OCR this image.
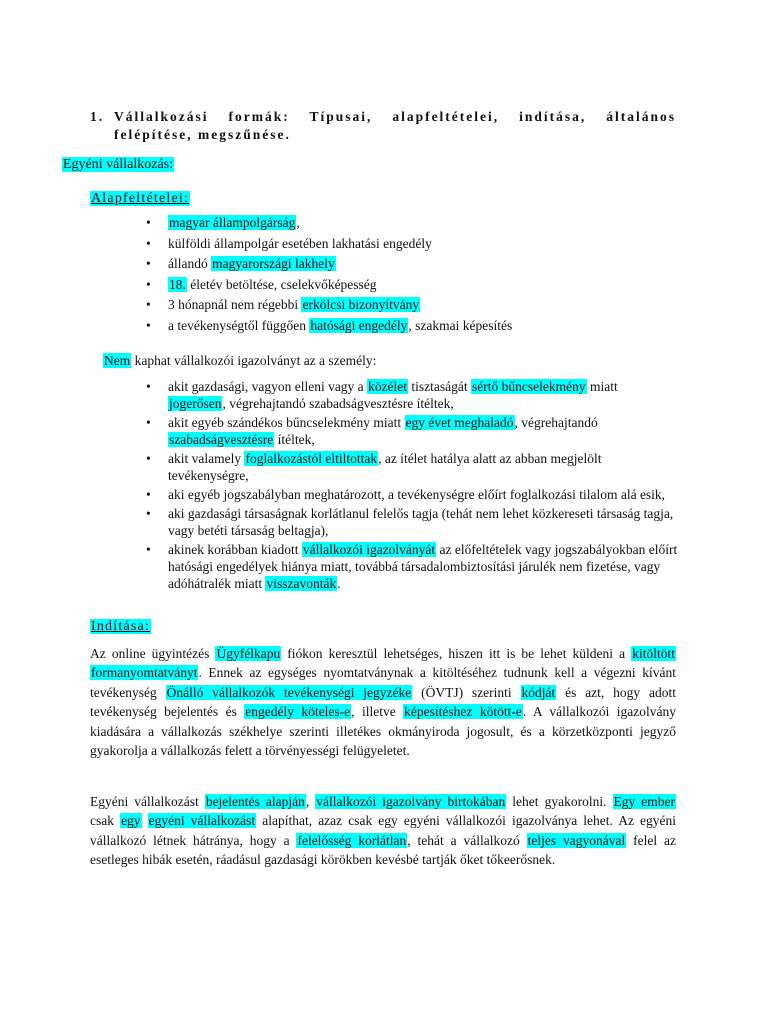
1. Vállalkozási formák: Típusai, alapfeltételei, indítása, általános felépítése, megszűnése.
Egyéni vállalkozás:
Alapfeltételei:
• magyar állampolgárság,
• külföldi állampolgár esetében lakhatási engedély
• állandó magyarországi lakhely
• 18. életév betöltése, cselekvőképesség
• 3 hónapnál nem régebbi erkölcsi bizonyítvány
• a tevékenységtől függően hatósági engedély, szakmai képesítés
Nem kaphat vállalkozói igazolványt az a személy:
• akit gazdasági, vagyon elleni vagy a közélet tisztaságát sértő bűncselekmény miatt jogerősen, végrehajtandó szabadságvesztésre ítéltek,
• akit egyéb szándékos bűncselekmény miatt egy évet meghaladó, végrehajtandó szabadságvesztésre ítéltek,
• akit valamely foglalkozástól eltiltottak, az ítélet hatálya alatt az abban megjelölt tevékenységre,
• aki egyéb jogszabályban meghatározott, a tevékenységre előírt foglalkozási tilalom alá esik,
• aki gazdasági társaságnak korlátlanul felelős tagja (tehát nem lehet közkereseti társaság tagja, vagy betéti társaság beltagja),
• akinek korábban kiadott vállalkozói igazolványát az előfeltételek vagy jogszabályokban előírt hatósági engedélyek hiánya miatt, továbbá társadalombiztosítási járulék nem fizetése, vagy adóhátralék miatt visszavonták.
Indítása:
Az online ügyintézés Ügyfélkapu fiókon keresztül lehetséges, hiszen itt is be lehet küldeni a kitöltött formanyomtatványt. Ennek az egységes nyomtatványnak a kitöltéséhez tudnunk kell a végezni kívánt tevékenység Önálló vállalkozók tevékenységi jegyzéke (ÖVTJ) szerinti kódját és azt, hogy adott tevékenység bejelentés és engedély köteles-e, illetve képesítéshez kötött-e. A vállalkozói igazolvány kiadására a vállalkozás székhelye szerinti illetékes okmányiroda jogosult, és a körzetközponti jegyző gyakorolja a vállalkozás felett a törvényességi felügyeletet.
Egyéni vállalkozást bejelentés alapján, vállalkozói igazolvány birtokában lehet gyakorolni. Egy ember csak egy egyéni vállalkozást alapíthat, azaz csak egy egyéni vállalkozói igazolványa lehet. Az egyéni vállalkozó létnek hátránya, hogy a felelősség korlátlan, tehát a vállalkozó teljes vagyonával felel az esetleges hibák esetén, ráadásul gazdasági körökben kevésbé tartják őket tőkeerősnek.
